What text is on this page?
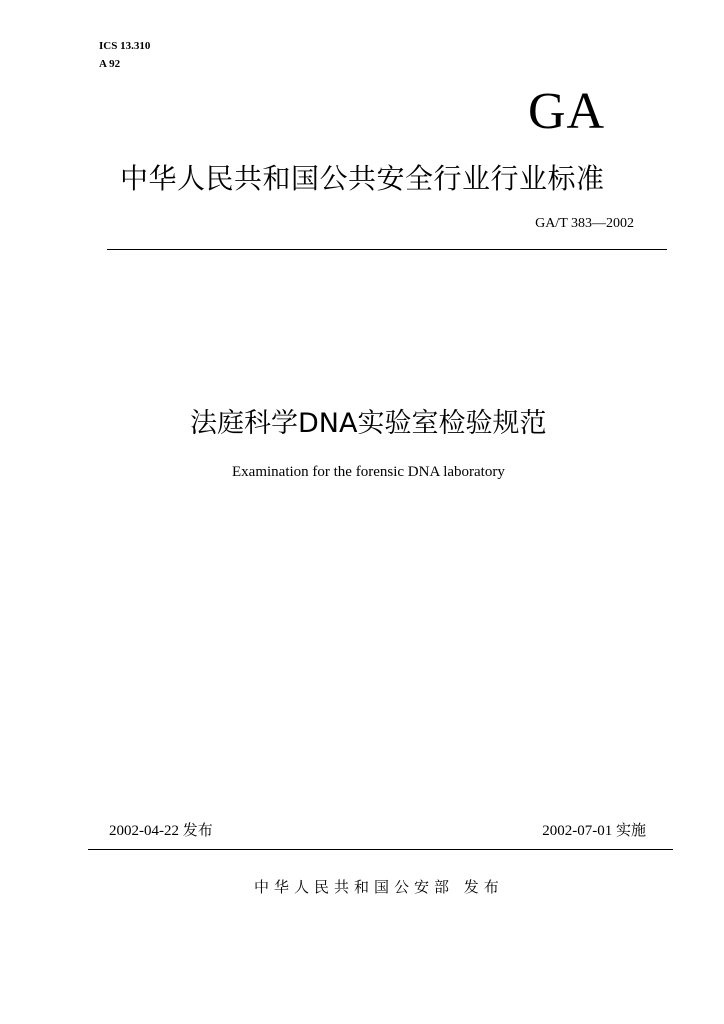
ICS 13.310
A 92
GA
中华人民共和国公共安全行业行业标准
GA/T 383—2002
法庭科学DNA实验室检验规范
Examination for the forensic DNA laboratory
2002-04-22 发布	2002-07-01 实施
中华人民共和国公安部 发布
